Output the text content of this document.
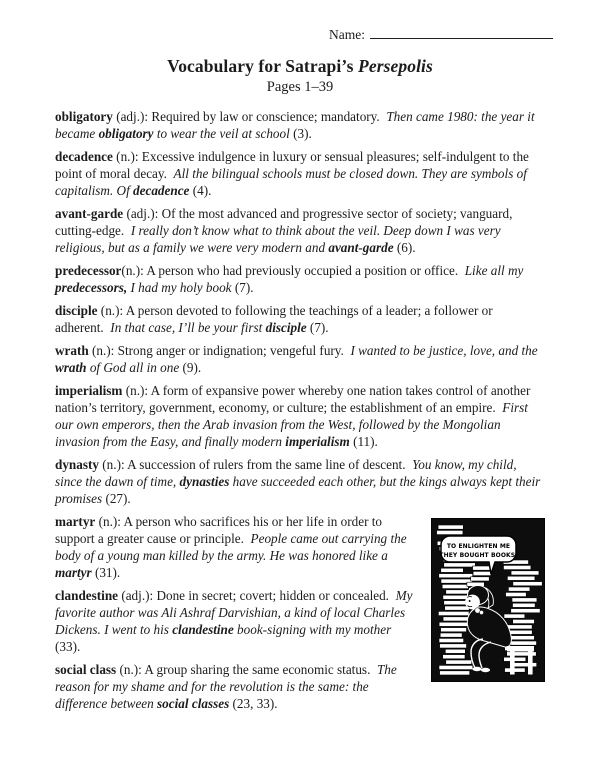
Name:
Vocabulary for Satrapi’s Persepolis
Pages 1–39

obligatory (adj.): Required by law or conscience; mandatory.  Then came 1980: the year it became obligatory to wear the veil at school (3).

decadence (n.): Excessive indulgence in luxury or sensual pleasures; self-indulgent to the point of moral decay.  All the bilingual schools must be closed down. They are symbols of capitalism. Of decadence (4).

avant-garde (adj.): Of the most advanced and progressive sector of society; vanguard, cutting-edge.  I really don’t know what to think about the veil. Deep down I was very religious, but as a family we were very modern and avant-garde (6).

predecessor(n.): A person who had previously occupied a position or office.  Like all my predecessors, I had my holy book (7).

disciple (n.): A person devoted to following the teachings of a leader; a follower or adherent.  In that case, I’ll be your first disciple (7).

wrath (n.): Strong anger or indignation; vengeful fury.  I wanted to be justice, love, and the wrath of God all in one (9).

imperialism (n.): A form of expansive power whereby one nation takes control of another nation’s territory, government, economy, or culture; the establishment of an empire.  First our own emperors, then the Arab invasion from the West, followed by the Mongolian invasion from the Easy, and finally modern imperialism (11).

dynasty (n.): A succession of rulers from the same line of descent.  You know, my child, since the dawn of time, dynasties have succeeded each other, but the kings always kept their promises (27).

TO ENLIGHTEN ME
THEY BOUGHT BOOKS.

martyr (n.): A person who sacrifices his or her life in order to support a greater cause or principle.  People came out carrying the body of a young man killed by the army. He was honored like a martyr (31).

clandestine (adj.): Done in secret; covert; hidden or concealed.  My favorite author was Ali Ashraf Darvishian, a kind of local Charles Dickens. I went to his clandestine book-signing with my mother (33).

social class (n.): A group sharing the same economic status.  The reason for my shame and for the revolution is the same: the difference between social classes (23, 33).
